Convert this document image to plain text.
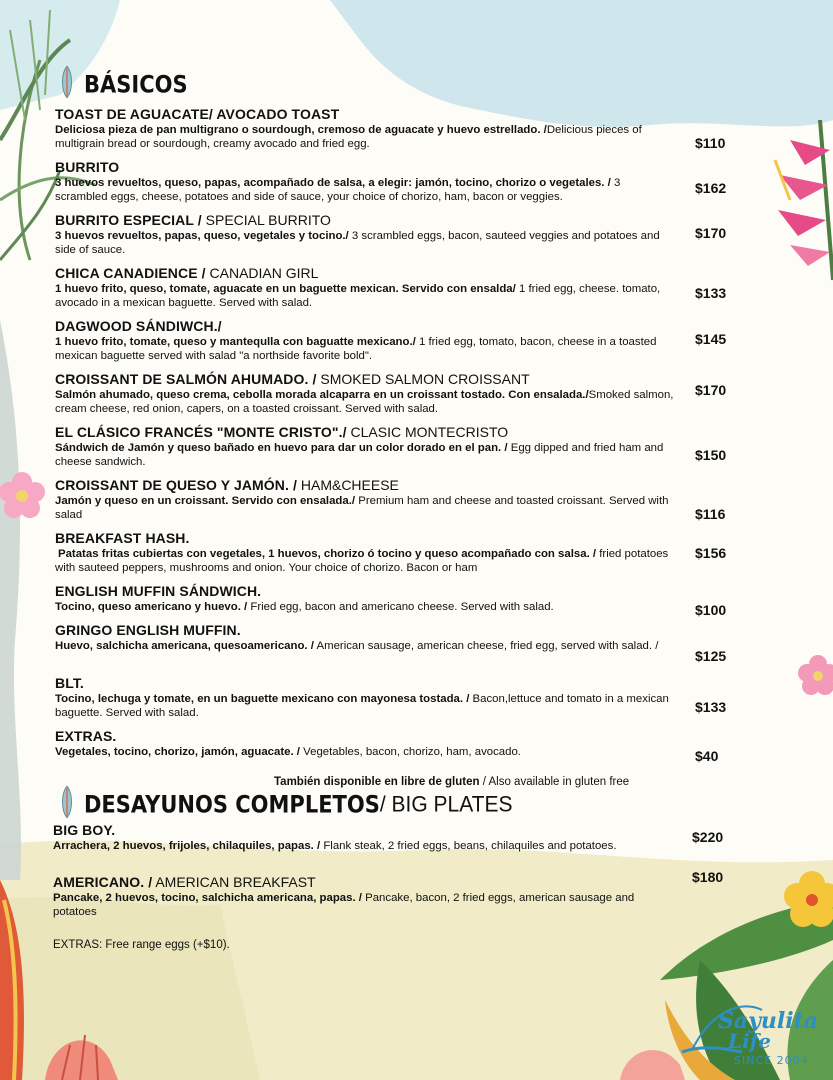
BÁSICOS
TOAST DE AGUACATE/ AVOCADO TOAST
Deliciosa pieza de pan multigrano o sourdough, cremoso de aguacate y huevo estrellado. /Delicious pieces of multigrain bread or sourdough, creamy avocado and fried egg.	$110
BURRITO
3 huevos revueltos, queso, papas, acompañado de salsa, a elegir: jamón, tocino, chorizo o vegetales. / 3 scrambled eggs, cheese, potatoes and side of sauce, your choice of chorizo, ham, bacon or veggies.
$162
BURRITO ESPECIAL / SPECIAL BURRITO
3 huevos revueltos, papas, queso, vegetales y tocino./ 3 scrambled eggs, bacon, sauteed veggies and potatoes and side of sauce.
$170
CHICA CANADIENCE / CANADIAN GIRL
1 huevo frito, queso, tomate, aguacate en un baguette mexican. Servido con ensalda/ 1 fried egg, cheese. tomato, avocado in a mexican baguette. Served with salad.
$133
DAGWOOD SÁNDIWCH./
1 huevo frito, tomate, queso y mantequlla con baguatte mexicano./ 1 fried egg, tomato, bacon, cheese in a toasted mexican baguette served with salad "a northside favorite bold".
$145
CROISSANT DE SALMÓN AHUMADO. / SMOKED SALMON CROISSANT
Salmón ahumado, queso crema, cebolla morada alcaparra en un croissant tostado. Con ensalada./Smoked salmon, cream cheese, red onion, capers, on a toasted croissant. Served with salad.
$170
EL CLÁSICO FRANCÉS "MONTE CRISTO"./ CLASIC MONTECRISTO
Sándwich de Jamón y queso bañado en huevo para dar un color dorado en el pan. / Egg dipped and fried ham and cheese sandwich.	$150
CROISSANT DE QUESO Y JAMÓN. / HAM&CHEESE
Jamón y queso en un croissant. Servido con ensalada./ Premium ham and cheese and toasted croissant. Served with salad	$116
BREAKFAST HASH.
Patatas fritas cubiertas con vegetales, 1 huevos, chorizo ó tocino y queso acompañado con salsa. / fried potatoes with sauteed peppers, mushrooms and onion. Your choice of chorizo. Bacon or ham
$156
ENGLISH MUFFIN SÁNDWICH.
Tocino, queso americano y huevo. / Fried egg, bacon and americano cheese. Served with salad.	$100
GRINGO ENGLISH MUFFIN.
Huevo, salchicha americana, quesoamericano. / American sausage, american cheese, fried egg, served with salad. /
$125
BLT.
Tocino, lechuga y tomate, en un baguette mexicano con mayonesa tostada. / Bacon,lettuce and tomato in a mexican baguette. Served with salad.	$133
EXTRAS.
Vegetales, tocino, chorizo, jamón, aguacate. / Vegetables, bacon, chorizo, ham, avocado.	$40
También disponible en libre de gluten / Also available in gluten free
DESAYUNOS COMPLETOS / BIG PLATES
BIG BOY.
Arrachera, 2 huevos, frijoles, chilaquiles, papas. / Flank steak, 2 fried eggs, beans, chilaquiles and potatoes.
$220
AMERICANO. / AMERICAN BREAKFAST
Pancake, 2 huevos, tocino, salchicha americana, papas. / Pancake, bacon, 2 fried eggs, american sausage and potatoes
$180
EXTRAS: Free range eggs (+$10).
Sayulita
Life
SINCE 2004
